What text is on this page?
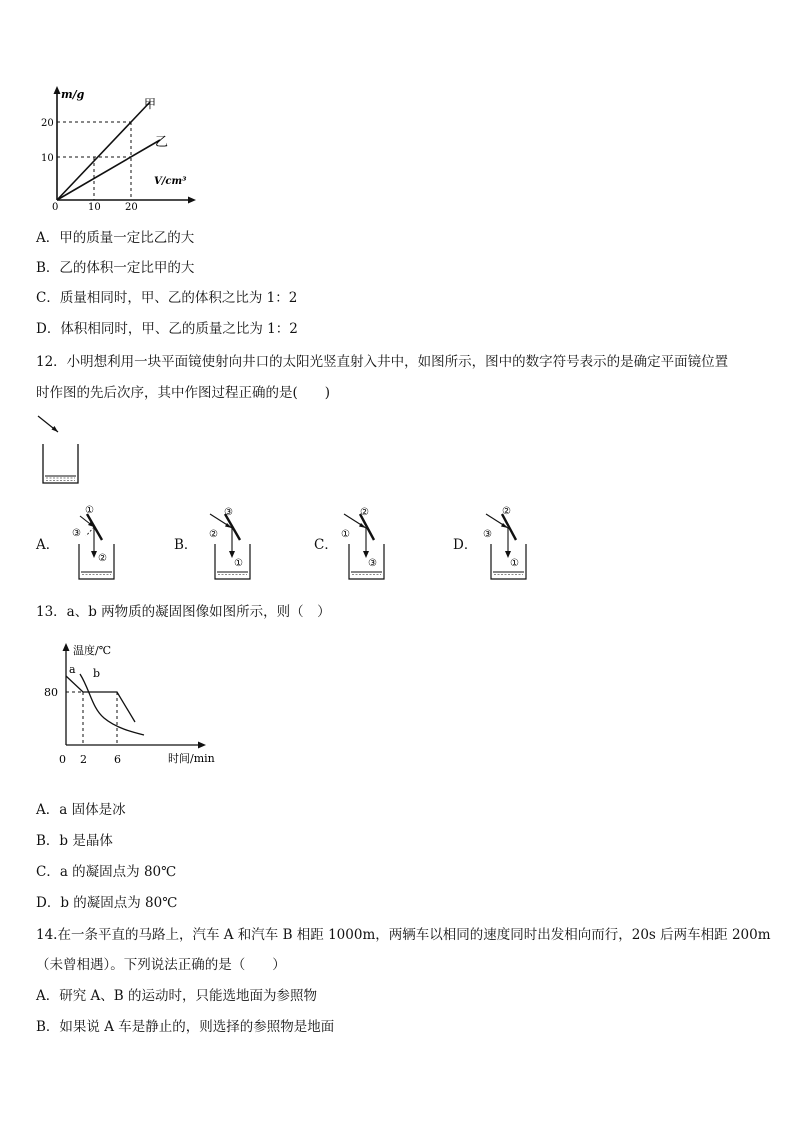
m/g
V/cm³
甲
乙
0	10 20
10
20
A．甲的质量一定比乙的大
B．乙的体积一定比甲的大
C．质量相同时，甲、乙的体积之比为 1：2
D．体积相同时，甲、乙的质量之比为 1：2
12．小明想利用一块平面镜使射向井口的太阳光竖直射入井中，如图所示，图中的数字符号表示的是确定平面镜位置
时作图的先后次序，其中作图过程正确的是(　　)
A．
①
②
③
B．
③
②
①
C．
②
①
③
D．
②
③
①
13．a、b 两物质的凝固图像如图所示，则（　）
a b
温度/℃
时间/min
80
0 2 6
A．a 固体是冰
B．b 是晶体
C．a 的凝固点为 80℃
D．b 的凝固点为 80℃
14.在一条平直的马路上，汽车 A 和汽车 B 相距 1000m，两辆车以相同的速度同时出发相向而行，20s 后两车相距 200m
（未曾相遇）。下列说法正确的是（　　）
A．研究 A、B 的运动时，只能选地面为参照物
B．如果说 A 车是静止的，则选择的参照物是地面
